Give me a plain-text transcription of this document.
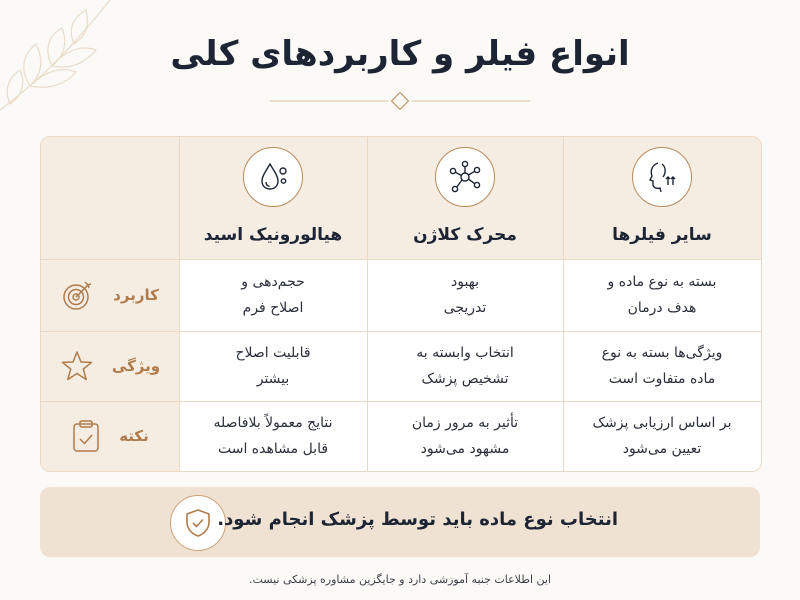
انواع فیلر و کاربردهای کلی
سایر فیلرها
محرک کلاژن
هیالورونیک اسید
کاربرد
بسته به نوع ماده و
هدف درمان
بهبود
تدریجی
حجم‌دهی و
اصلاح فرم
ویژگی
ویژگی‌ها بسته به نوع
ماده متفاوت است
انتخاب وابسته به
تشخیص پزشک
قابلیت اصلاح
بیشتر
نکته
بر اساس ارزیابی پزشک
تعیین می‌شود
تأثیر به مرور زمان
مشهود می‌شود
نتایج معمولاً بلافاصله
قابل مشاهده است
انتخاب نوع ماده باید توسط پزشک انجام شود.
این اطلاعات جنبه آموزشی دارد و جایگزین مشاوره پزشکی نیست.
